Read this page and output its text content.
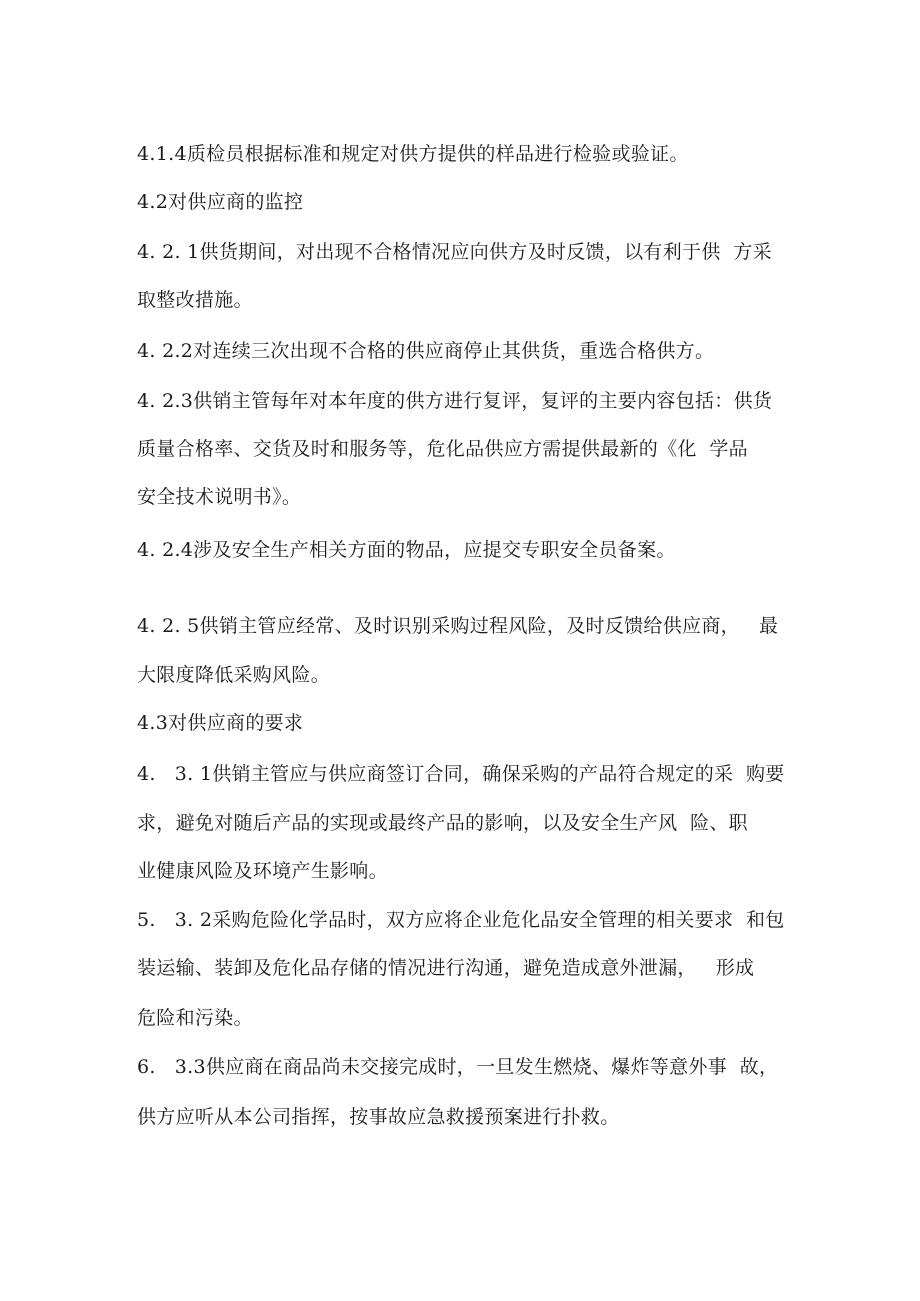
4.1.4质检员根据标准和规定对供方提供的样品进行检验或验证。
4.2对供应商的监控
4. 2. 1供货期间，对出现不合格情况应向供方及时反馈，以有利于供  方采
取整改措施。
4. 2.2对连续三次出现不合格的供应商停止其供货，重选合格供方。
4. 2.3供销主管每年对本年度的供方进行复评，复评的主要内容包括：供货
质量合格率、交货及时和服务等，危化品供应方需提供最新的《化  学品
安全技术说明书》。
4. 2.4涉及安全生产相关方面的物品，应提交专职安全员备案。
4. 2. 5供销主管应经常、及时识别采购过程风险，及时反馈给供应商，   最
大限度降低采购风险。
4.3对供应商的要求
4.   3. 1供销主管应与供应商签订合同，确保采购的产品符合规定的采  购要
求，避免对随后产品的实现或最终产品的影响，以及安全生产风  险、职
业健康风险及环境产生影响。
5.   3. 2采购危险化学品时，双方应将企业危化品安全管理的相关要求  和包
装运输、装卸及危化品存储的情况进行沟通，避免造成意外泄漏，   形成
危险和污染。
6.   3.3供应商在商品尚未交接完成时，一旦发生燃烧、爆炸等意外事  故，
供方应听从本公司指挥，按事故应急救援预案进行扑救。
